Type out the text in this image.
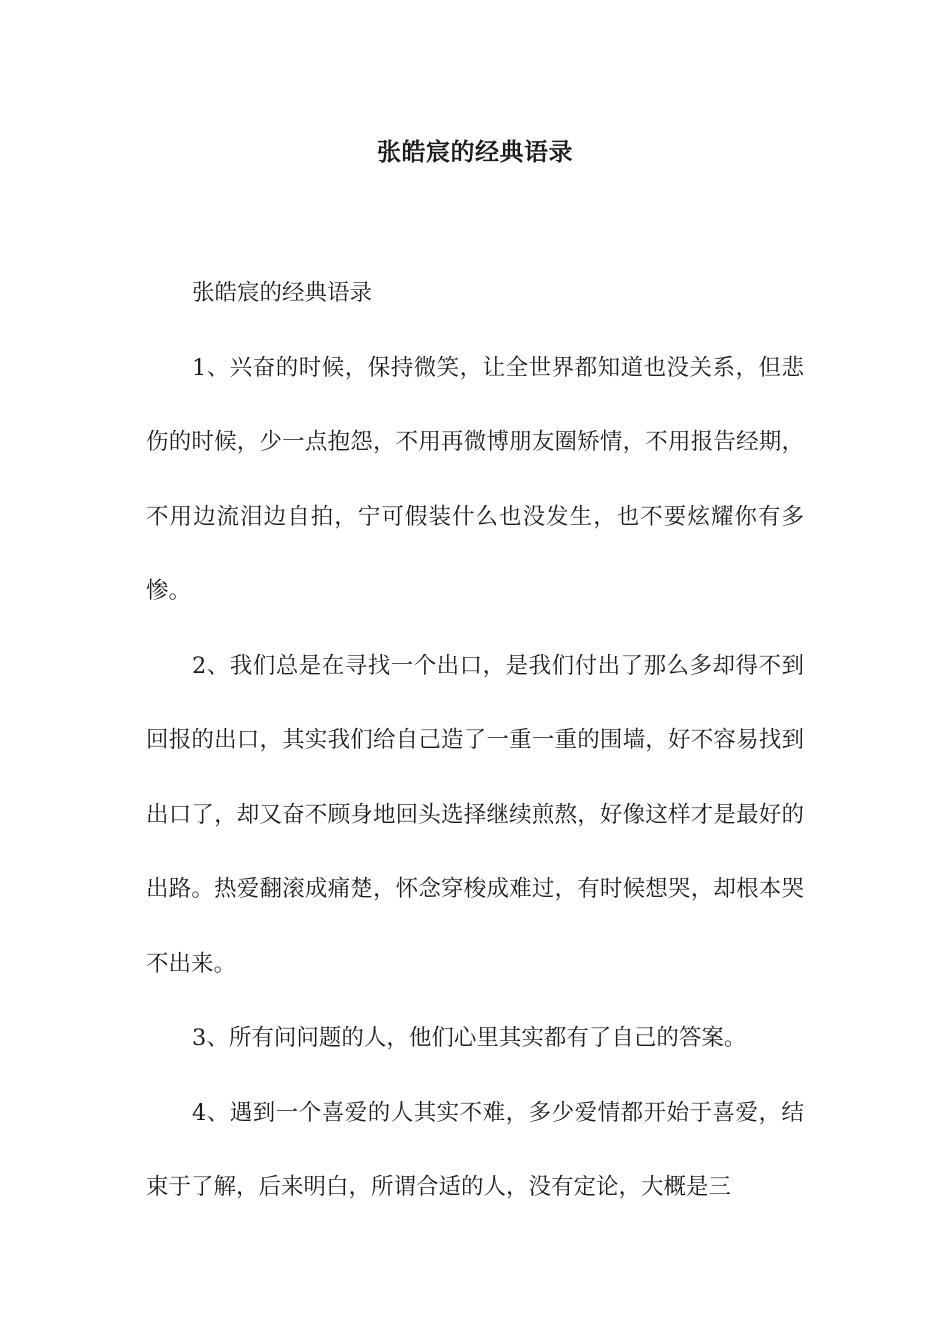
张皓宸的经典语录

张皓宸的经典语录

1、兴奋的时候，保持微笑，让全世界都知道也没关系，但悲伤的时候，少一点抱怨，不用再微博朋友圈矫情，不用报告经期，不用边流泪边自拍，宁可假装什么也没发生，也不要炫耀你有多惨。

2、我们总是在寻找一个出口，是我们付出了那么多却得不到回报的出口，其实我们给自己造了一重一重的围墙，好不容易找到出口了，却又奋不顾身地回头选择继续煎熬，好像这样才是最好的出路。热爱翻滚成痛楚，怀念穿梭成难过，有时候想哭，却根本哭不出来。

3、所有问问题的人，他们心里其实都有了自己的答案。

4、遇到一个喜爱的人其实不难，多少爱情都开始于喜爱，结束于了解，后来明白，所谓合适的人，没有定论，大概是三
